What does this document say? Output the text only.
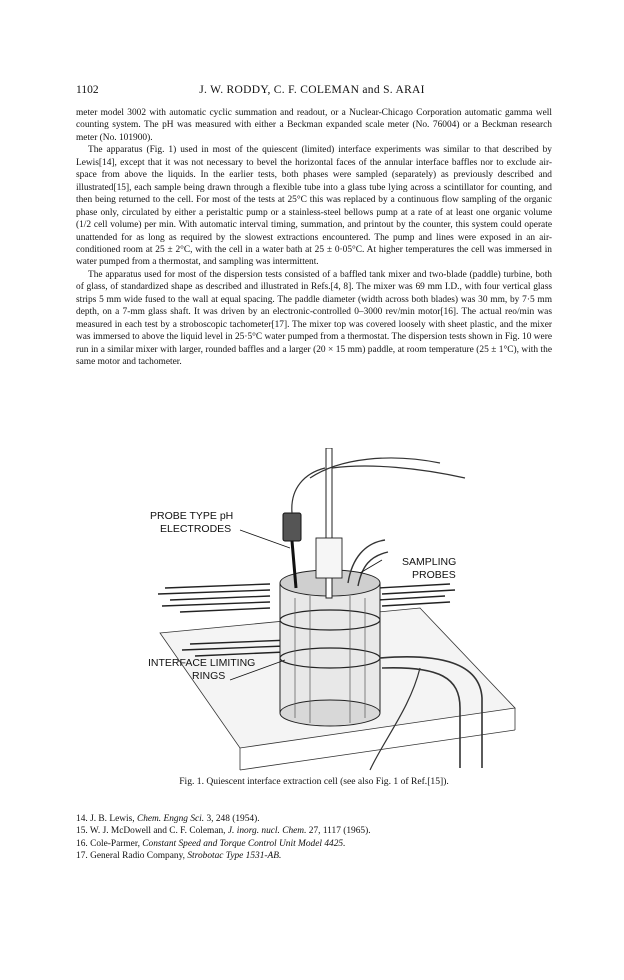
1102	J. W. RODDY, C. F. COLEMAN and S. ARAI

meter model 3002 with automatic cyclic summation and readout, or a Nuclear-Chicago Corporation automatic gamma well counting system. The pH was measured with either a Beckman expanded scale meter (No. 76004) or a Beckman research meter (No. 101900).

The apparatus (Fig. 1) used in most of the quiescent (limited) interface experiments was similar to that described by Lewis[14], except that it was not necessary to bevel the horizontal faces of the annular interface baffles nor to exclude air-space from above the liquids. In the earlier tests, both phases were sampled (separately) as previously described and illustrated[15], each sample being drawn through a flexible tube into a glass tube lying across a scintillator for counting, and then being returned to the cell. For most of the tests at 25°C this was replaced by a continuous flow sampling of the organic phase only, circulated by either a peristaltic pump or a stainless-steel bellows pump at a rate of at least one organic volume (1/2 cell volume) per min. With automatic interval timing, summation, and printout by the counter, this system could operate unattended for as long as required by the slowest extractions encountered. The pump and lines were exposed in an air-conditioned room at 25 ± 2°C, with the cell in a water bath at 25 ± 0·05°C. At higher temperatures the cell was immersed in water pumped from a thermostat, and sampling was intermittent.

The apparatus used for most of the dispersion tests consisted of a baffled tank mixer and two-blade (paddle) turbine, both of glass, of standardized shape as described and illustrated in Refs.[4, 8]. The mixer was 69 mm I.D., with four vertical glass strips 5 mm wide fused to the wall at equal spacing. The paddle diameter (width across both blades) was 30 mm, by 7·5 mm depth, on a 7-mm glass shaft. It was driven by an electronic-controlled 0–3000 rev/min motor[16]. The actual reo/min was measured in each test by a stroboscopic tachometer[17]. The mixer top was covered loosely with sheet plastic, and the mixer was immersed to above the liquid level in 25·5°C water pumped from a thermostat. The dispersion tests shown in Fig. 10 were run in a similar mixer with larger, rounded baffles and a larger (20 × 15 mm) paddle, at room temperature (25 ± 1°C), with the same motor and tachometer.

PROBE TYPE pH
ELECTRODES
SAMPLING
PROBES
INTERFACE LIMITING
RINGS
Fig. 1. Quiescent interface extraction cell (see also Fig. 1 of Ref.[15]).
14. J. B. Lewis, Chem. Engng Sci. 3, 248 (1954).
15. W. J. McDowell and C. F. Coleman, J. inorg. nucl. Chem. 27, 1117 (1965).
16. Cole-Parmer, Constant Speed and Torque Control Unit Model 4425.
17. General Radio Company, Strobotac Type 1531-AB.
